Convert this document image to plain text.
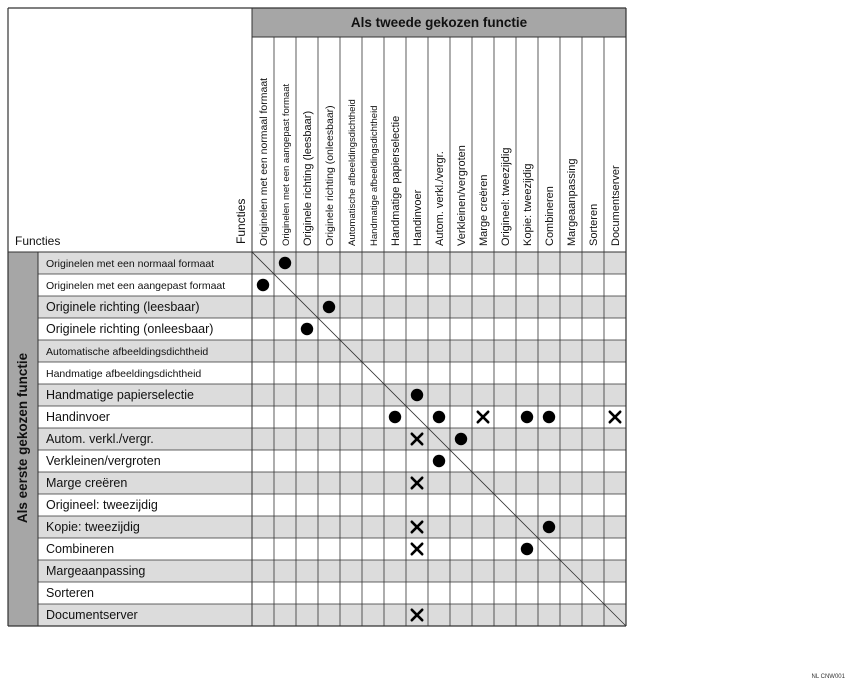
Als tweede gekozen functie
Als eerste gekozen functie
Functies	Functies Originelen met een normaal formaat Originelen met een aangepast formaat Originele richting (leesbaar) Originele richting (onleesbaar) Automatische afbeeldingsdichtheid Handmatige afbeeldingsdichtheid Handmatige papierselectie Handinvoer Autom. verkl./vergr. Verkleinen/vergroten Marge creëren Origineel: tweezijdig Kopie: tweezijdig Combineren Margeaanpassing Sorteren Documentserver
Originelen met een normaal formaat
Originelen met een aangepast formaat
Originele richting (leesbaar)
Originele richting (onleesbaar)
Automatische afbeeldingsdichtheid
Handmatige afbeeldingsdichtheid
Handmatige papierselectie
Handinvoer
Autom. verkl./vergr.
Verkleinen/vergroten
Marge creëren
Origineel: tweezijdig
Kopie: tweezijdig
Combineren
Margeaanpassing
Sorteren
Documentserver
NL CNW001
